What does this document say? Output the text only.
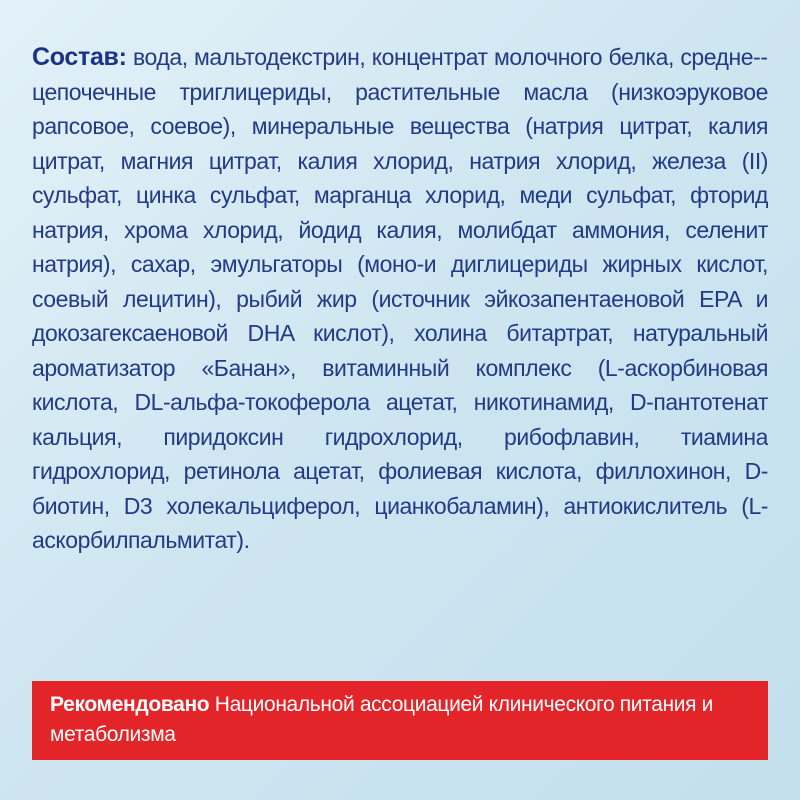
Состав: вода, мальтодекстрин, концентрат молочного белка, средне-цепочечные триглицериды, растительные масла (низкоэруковое рапсовое, соевое), минеральные вещества (натрия цитрат, калия цитрат, магния цитрат, калия хлорид, натрия хлорид, железа (II) сульфат, цинка сульфат, марганца хлорид, меди сульфат, фторид натрия, хрома хлорид, йодид калия, молибдат аммония, селенит натрия), сахар, эмульгаторы (моно-и диглицериды жирных кислот, соевый лецитин), рыбий жир (источник эйкозапентаеновой EPA и докозагексаеновой DHA кислот), холина битартрат, натуральный ароматизатор «Банан», витаминный комплекс (L-аскорбиновая кислота, DL-альфа-токоферола ацетат, никотинамид, D-пантотенат кальция, пиридоксин гидрохлорид, рибофлавин, тиамина гидрохлорид, ретинола ацетат, фолиевая кислота, филлохинон, D-биотин, D3 холекальциферол, цианкобаламин), антиокислитель (L-аскорбилпальмитат).

Рекомендовано Национальной ассоциацией клинического питания и метаболизма
